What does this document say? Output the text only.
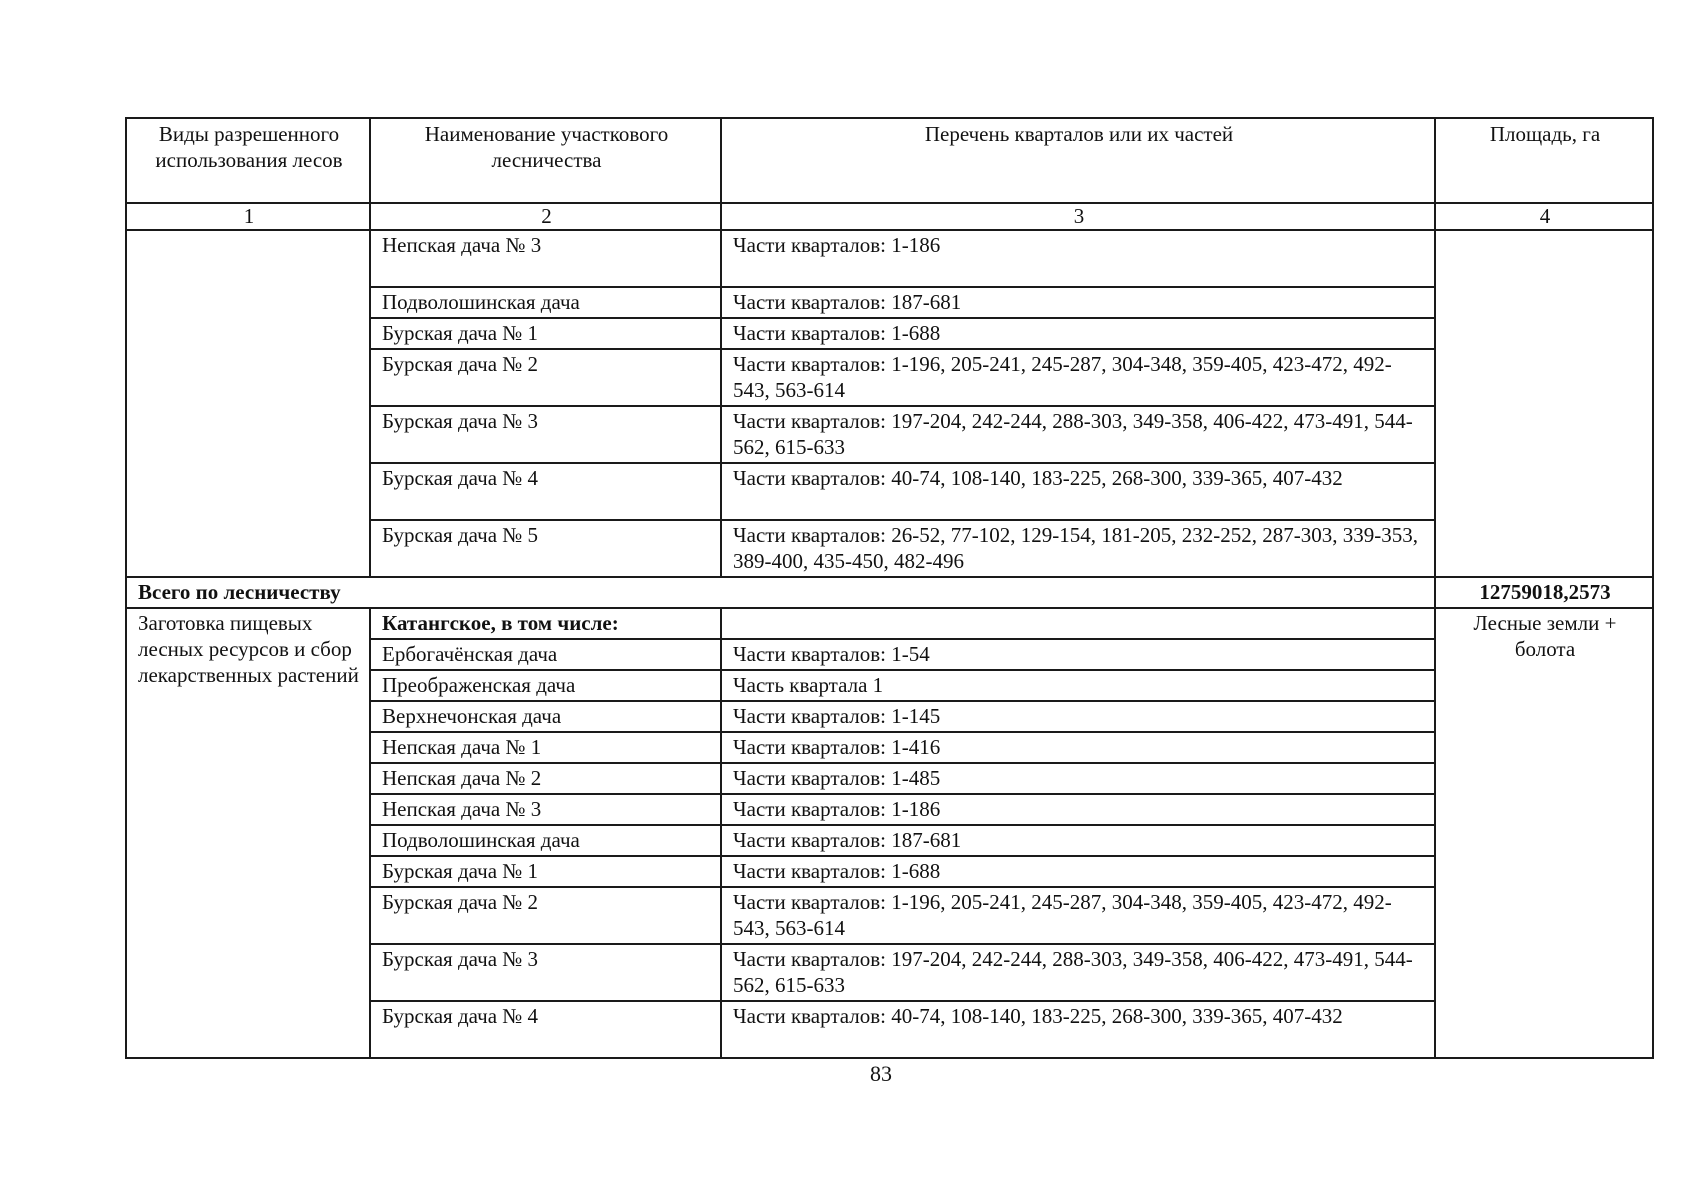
Виды разрешенного использования лесов	Наименование участкового лесничества	Перечень кварталов или их частей	Площадь, га
1	2	3	4
	Непская дача № 3	Части кварталов: 1-186	
	Подволошинская дача	Части кварталов: 187-681	
	Бурская дача № 1	Части кварталов: 1-688	
	Бурская дача № 2	Части кварталов: 1-196, 205-241, 245-287, 304-348, 359-405, 423-472, 492-543, 563-614	
	Бурская дача № 3	Части кварталов: 197-204, 242-244, 288-303, 349-358, 406-422, 473-491, 544-562, 615-633	
	Бурская дача № 4	Части кварталов: 40-74, 108-140, 183-225, 268-300, 339-365, 407-432	
	Бурская дача № 5	Части кварталов: 26-52, 77-102, 129-154, 181-205, 232-252, 287-303, 339-353, 389-400, 435-450, 482-496	
Всего по лесничеству			12759018,2573
Заготовка пищевых лесных ресурсов и сбор лекарственных растений	Катангское, в том числе:		Лесные земли + болота
	Ербогачёнская дача	Части кварталов: 1-54	
	Преображенская дача	Часть квартала 1	
	Верхнечонская дача	Части кварталов: 1-145	
	Непская дача № 1	Части кварталов: 1-416	
	Непская дача № 2	Части кварталов: 1-485	
	Непская дача № 3	Части кварталов: 1-186	
	Подволошинская дача	Части кварталов: 187-681	
	Бурская дача № 1	Части кварталов: 1-688	
	Бурская дача № 2	Части кварталов: 1-196, 205-241, 245-287, 304-348, 359-405, 423-472, 492-543, 563-614	
	Бурская дача № 3	Части кварталов: 197-204, 242-244, 288-303, 349-358, 406-422, 473-491, 544-562, 615-633	
	Бурская дача № 4	Части кварталов: 40-74, 108-140, 183-225, 268-300, 339-365, 407-432	
83
